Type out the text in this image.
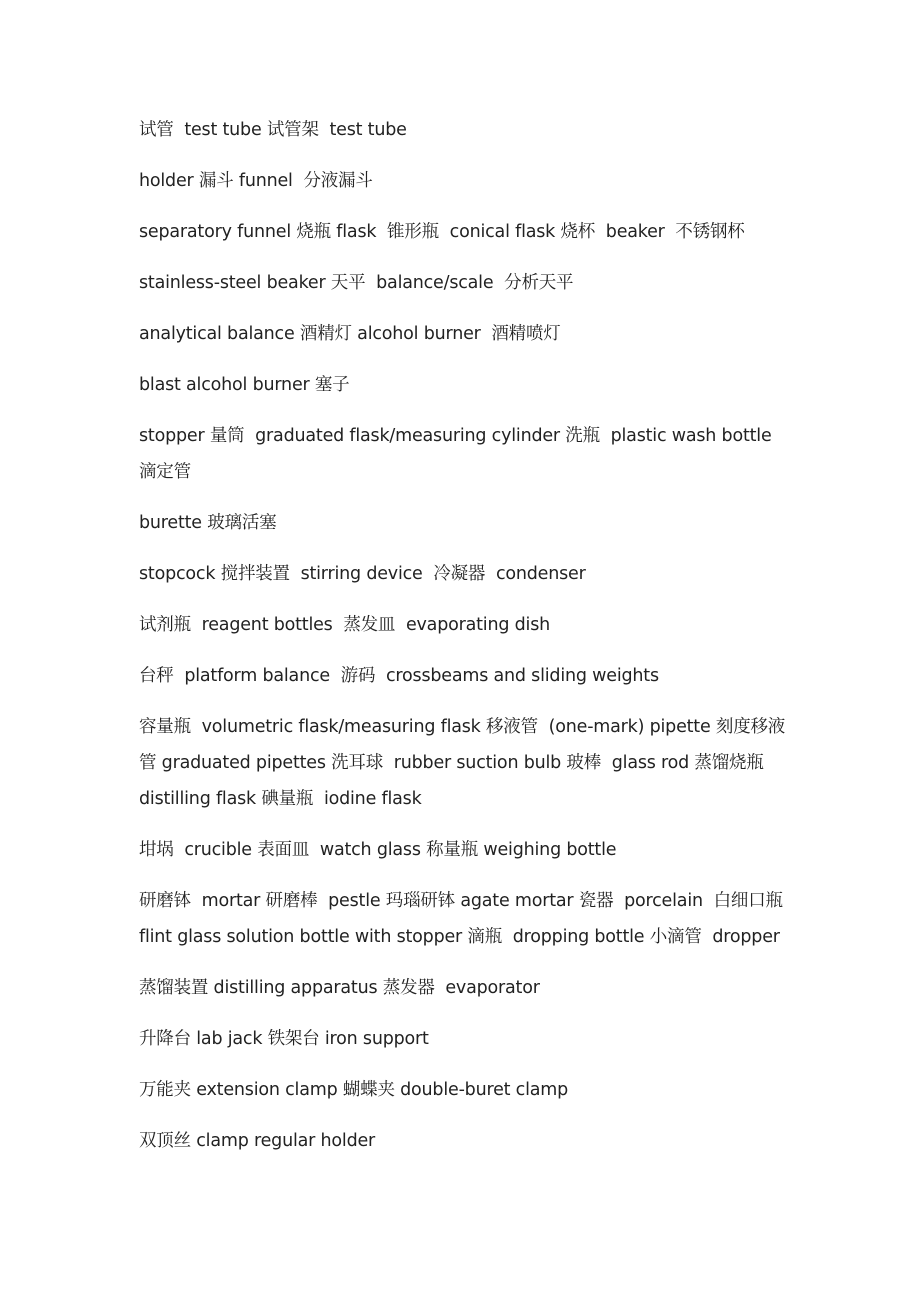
试管  test tube 试管架  test tube

holder 漏斗 funnel  分液漏斗

separatory funnel 烧瓶 flask  锥形瓶  conical flask 烧杯  beaker  不锈钢杯

stainless-steel beaker 天平  balance/scale  分析天平

analytical balance 酒精灯 alcohol burner  酒精喷灯

blast alcohol burner 塞子

stopper 量筒  graduated flask/measuring cylinder 洗瓶  plastic wash bottle 滴定管

burette 玻璃活塞

stopcock 搅拌装置  stirring device  冷凝器  condenser

试剂瓶  reagent bottles  蒸发皿  evaporating dish

台秤  platform balance  游码  crossbeams and sliding weights

容量瓶  volumetric flask/measuring flask 移液管  (one-mark) pipette 刻度移液管 graduated pipettes 洗耳球  rubber suction bulb 玻棒  glass rod 蒸馏烧瓶 distilling flask 碘量瓶  iodine flask

坩埚  crucible 表面皿  watch glass 称量瓶 weighing bottle

研磨钵  mortar 研磨棒  pestle 玛瑙研钵 agate mortar 瓷器  porcelain  白细口瓶 flint glass solution bottle with stopper 滴瓶  dropping bottle 小滴管  dropper

蒸馏装置 distilling apparatus 蒸发器  evaporator

升降台 lab jack 铁架台 iron support

万能夹 extension clamp 蝴蝶夹 double-buret clamp

双顶丝 clamp regular holder
